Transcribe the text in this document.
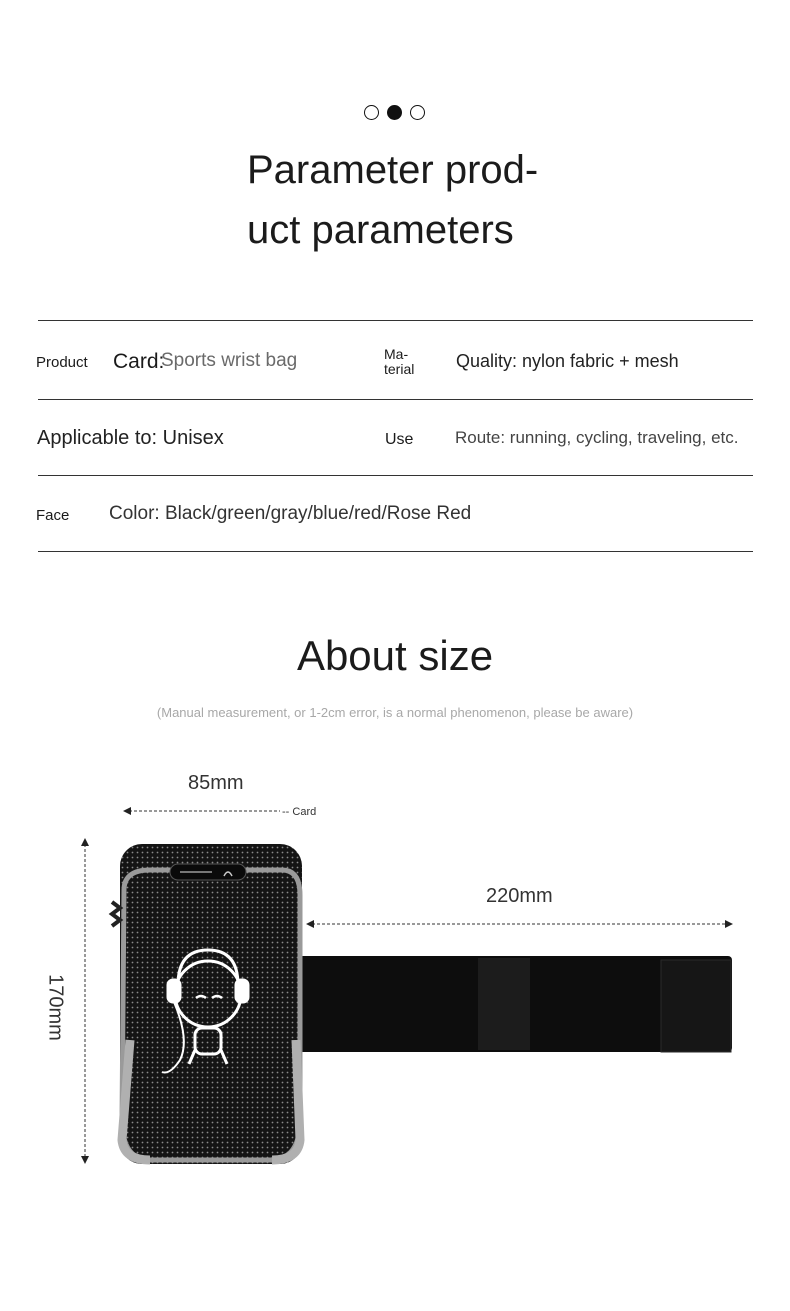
Parameter prod-
uct parameters
Product Card:
Sports wrist bag	Ma-
terial Quality: nylon fabric + mesh
Applicable to: Unisex	Use Route: running, cycling, traveling, etc.
Face Color: Black/green/gray/blue/red/Rose Red
About size
(Manual measurement, or 1-2cm error, is a normal phenomenon, please be aware)
85mm
-- Card
220mm
170mm
